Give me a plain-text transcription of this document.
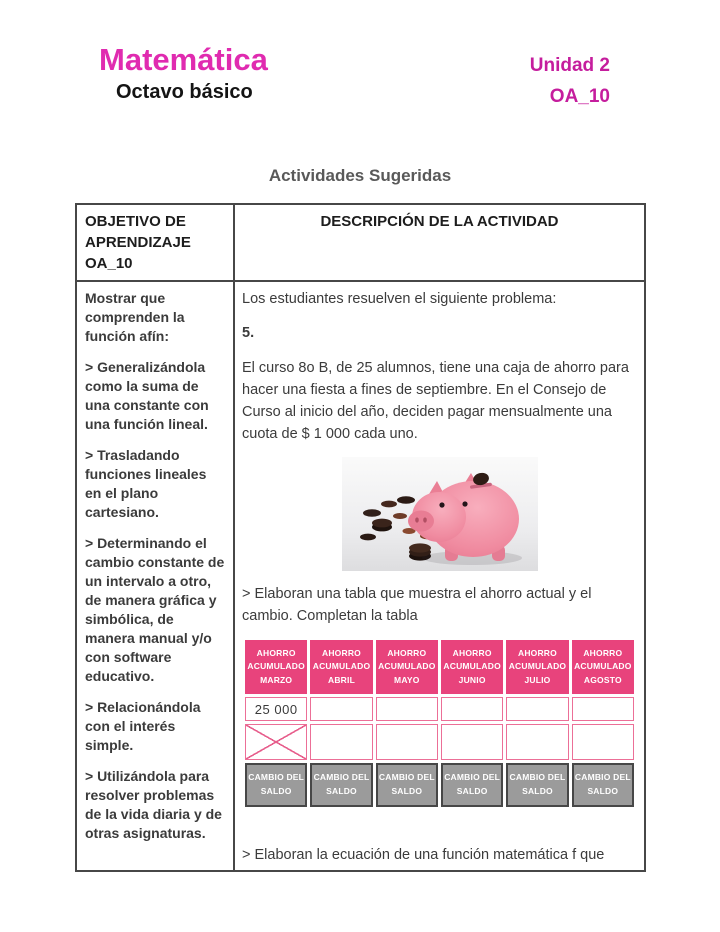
Matemática
Octavo básico
Unidad 2
OA_10
Actividades Sugeridas
OBJETIVO DE APRENDIZAJE OA_10	DESCRIPCIÓN DE LA ACTIVIDAD

Mostrar que comprenden la función afín:

> Generalizándola como la suma de una constante con una función lineal.

> Trasladando funciones lineales en el plano cartesiano.

> Determinando el cambio constante de un intervalo a otro, de manera gráfica y simbólica, de manera manual y/o con software educativo.

> Relacionándola con el interés simple.

> Utilizándola para resolver problemas de la vida diaria y de otras asignaturas.

Los estudiantes resuelven el siguiente problema:

5.

El curso 8o B, de 25 alumnos, tiene una caja de ahorro para hacer una fiesta a fines de septiembre. En el Consejo de Curso al inicio del año, deciden pagar mensualmente una cuota de $ 1 000 cada uno.

> Elaboran una tabla que muestra el ahorro actual y el cambio. Completan la tabla

AHORRO ACUMULADO MARZO	AHORRO ACUMULADO ABRIL	AHORRO ACUMULADO MAYO	AHORRO ACUMULADO JUNIO	AHORRO ACUMULADO JULIO	AHORRO ACUMULADO AGOSTO
25 000					

CAMBIO DEL SALDO	CAMBIO DEL SALDO	CAMBIO DEL SALDO	CAMBIO DEL SALDO	CAMBIO DEL SALDO	CAMBIO DEL SALDO

> Elaboran la ecuación de una función matemática f que
